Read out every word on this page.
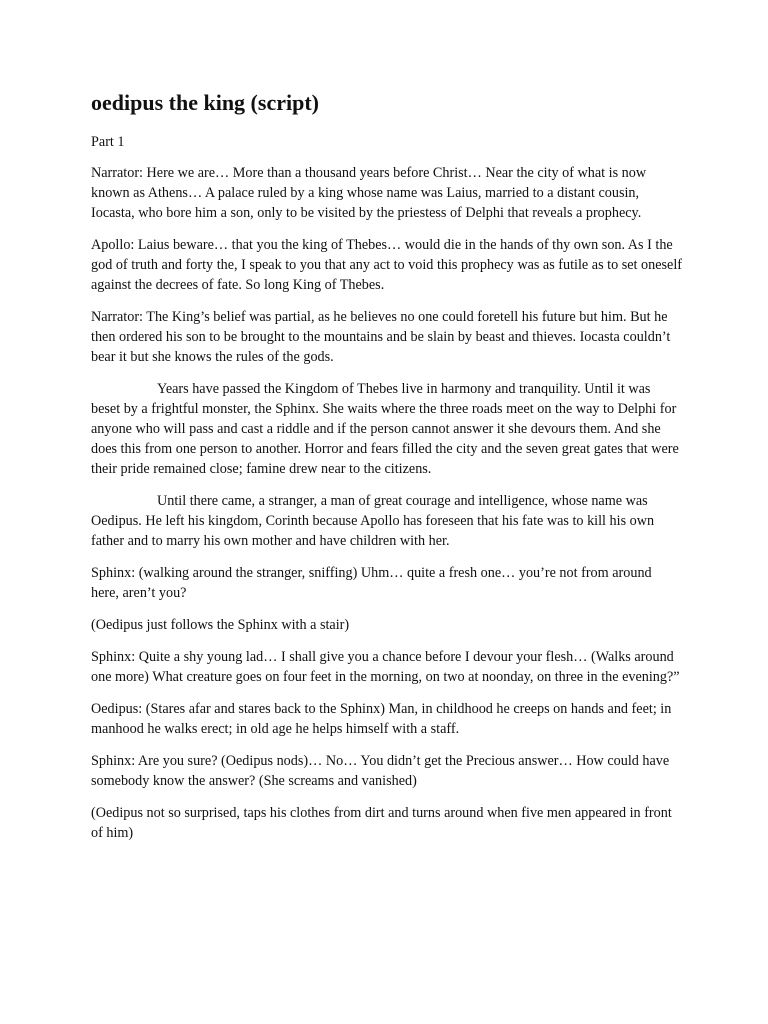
oedipus the king (script)
Part 1

Narrator: Here we are… More than a thousand years before Christ… Near the city of what is now known as Athens… A palace ruled by a king whose name was Laius, married to a distant cousin, Iocasta, who bore him a son, only to be visited by the priestess of Delphi that reveals a prophecy.

Apollo: Laius beware… that you the king of Thebes… would die in the hands of thy own son. As I the god of truth and forty the, I speak to you that any act to void this prophecy was as futile as to set oneself against the decrees of fate. So long King of Thebes.

Narrator: The King’s belief was partial, as he believes no one could foretell his future but him. But he then ordered his son to be brought to the mountains and be slain by beast and thieves. Iocasta couldn’t bear it but she knows the rules of the gods.

Years have passed the Kingdom of Thebes live in harmony and tranquility. Until it was beset by a frightful monster, the Sphinx. She waits where the three roads meet on the way to Delphi for anyone who will pass and cast a riddle and if the person cannot answer it she devours them. And she does this from one person to another. Horror and fears filled the city and the seven great gates that were their pride remained close; famine drew near to the citizens.

Until there came, a stranger, a man of great courage and intelligence, whose name was Oedipus. He left his kingdom, Corinth because Apollo has foreseen that his fate was to kill his own father and to marry his own mother and have children with her.

Sphinx: (walking around the stranger, sniffing) Uhm… quite a fresh one… you’re not from around here, aren’t you?

(Oedipus just follows the Sphinx with a stair)

Sphinx: Quite a shy young lad… I shall give you a chance before I devour your flesh… (Walks around one more) What creature goes on four feet in the morning, on two at noonday, on three in the evening?”

Oedipus: (Stares afar and stares back to the Sphinx) Man, in childhood he creeps on hands and feet; in manhood he walks erect; in old age he helps himself with a staff.

Sphinx: Are you sure? (Oedipus nods)… No… You didn’t get the Precious answer… How could have somebody know the answer? (She screams and vanished)

(Oedipus not so surprised, taps his clothes from dirt and turns around when five men appeared in front of him)
